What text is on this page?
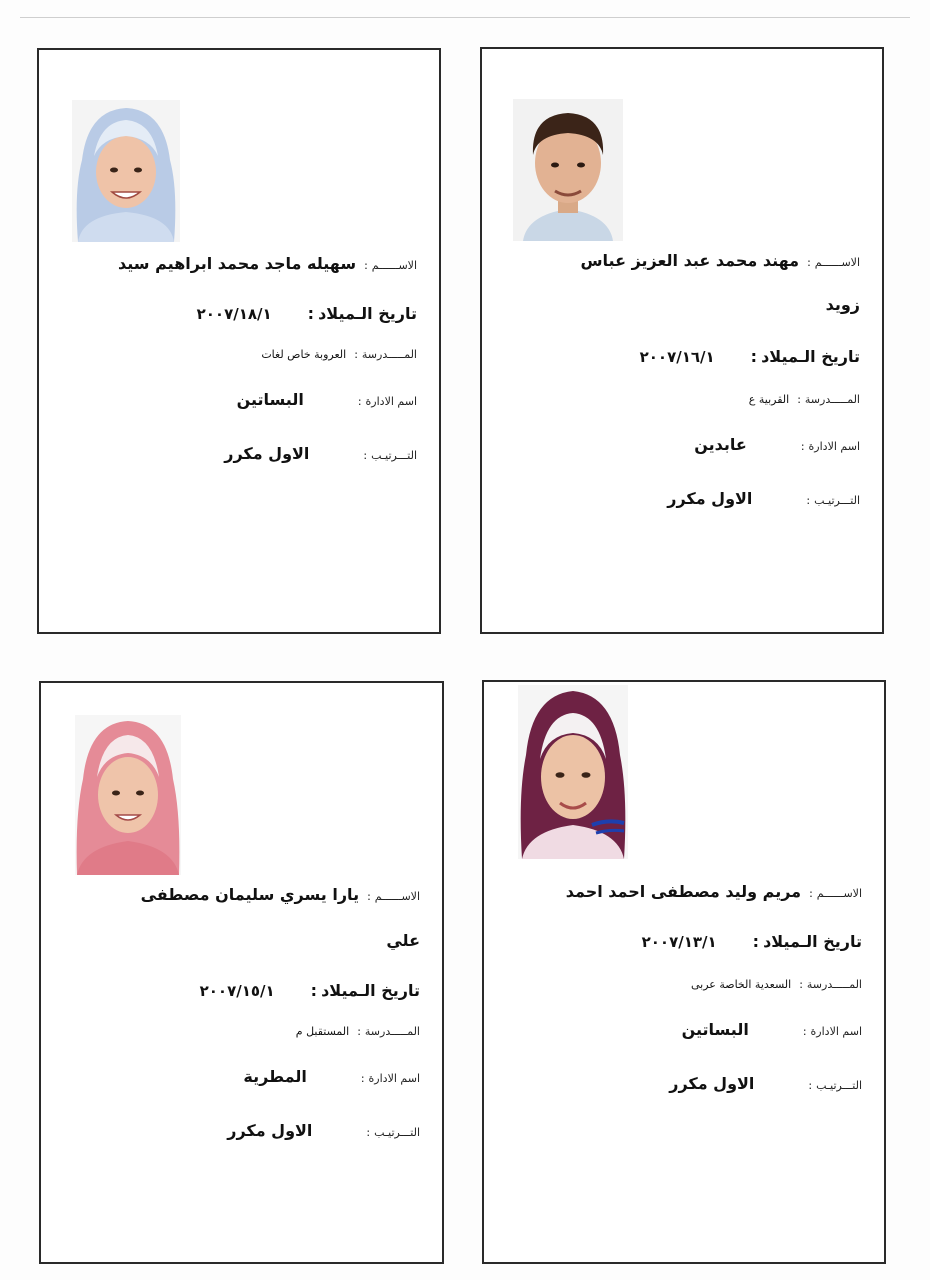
الاســــــم
:
مهند محمد عبد العزيز عباس
زويد
تاريخ الـميلاد
:
٢٠٠٧/١٦/١
المـــــدرسة
:
القربية ع
اسم الادارة
:
عابدين
التـــرتيـب
:
الاول مكرر
الاســــــم
:
سهيله ماجد محمد ابراهيم سيد
تاريخ الـميلاد
:
٢٠٠٧/١٨/١
المـــــدرسة
:
العروبة خاص لغات
اسم الادارة
:
البساتين
التـــرتيـب
:
الاول مكرر
الاســــــم
:
مريم وليد مصطفى احمد احمد
تاريخ الـميلاد
:
٢٠٠٧/١٣/١
المـــــدرسة
:
السعدية الخاصة عربى
اسم الادارة
:
البساتين
التـــرتيـب
:
الاول مكرر
الاســــــم
:
يارا يسري سليمان مصطفى
علي
تاريخ الـميلاد
:
٢٠٠٧/١٥/١
المـــــدرسة
:
المستقبل م
اسم الادارة
:
المطرية
التـــرتيـب
:
الاول مكرر
